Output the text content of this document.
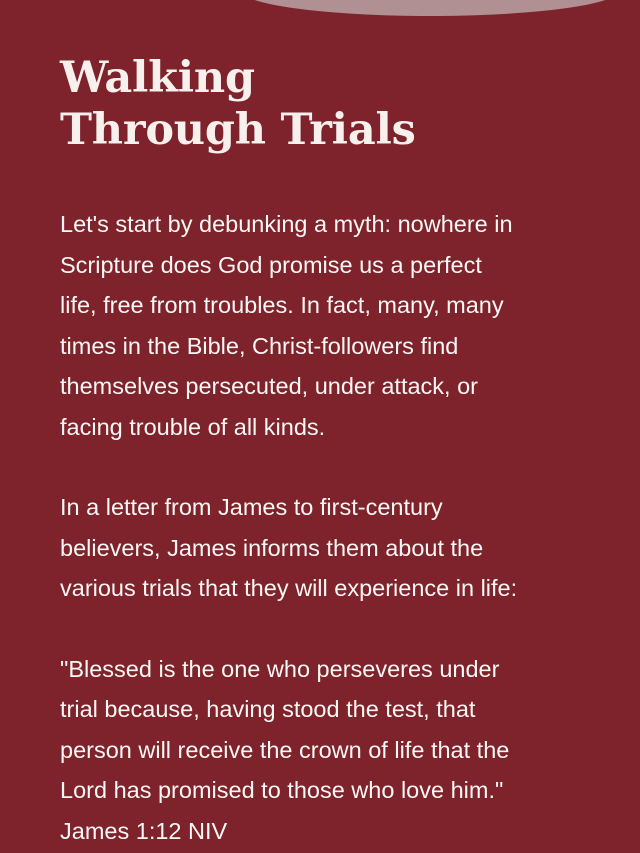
Walking
Through Trials

Let's start by debunking a myth: nowhere in
Scripture does God promise us a perfect
life, free from troubles. In fact, many, many
times in the Bible, Christ-followers find
themselves persecuted, under attack, or
facing trouble of all kinds.

In a letter from James to first-century
believers, James informs them about the
various trials that they will experience in life:

"Blessed is the one who perseveres under
trial because, having stood the test, that
person will receive the crown of life that the
Lord has promised to those who love him."
James 1:12 NIV
